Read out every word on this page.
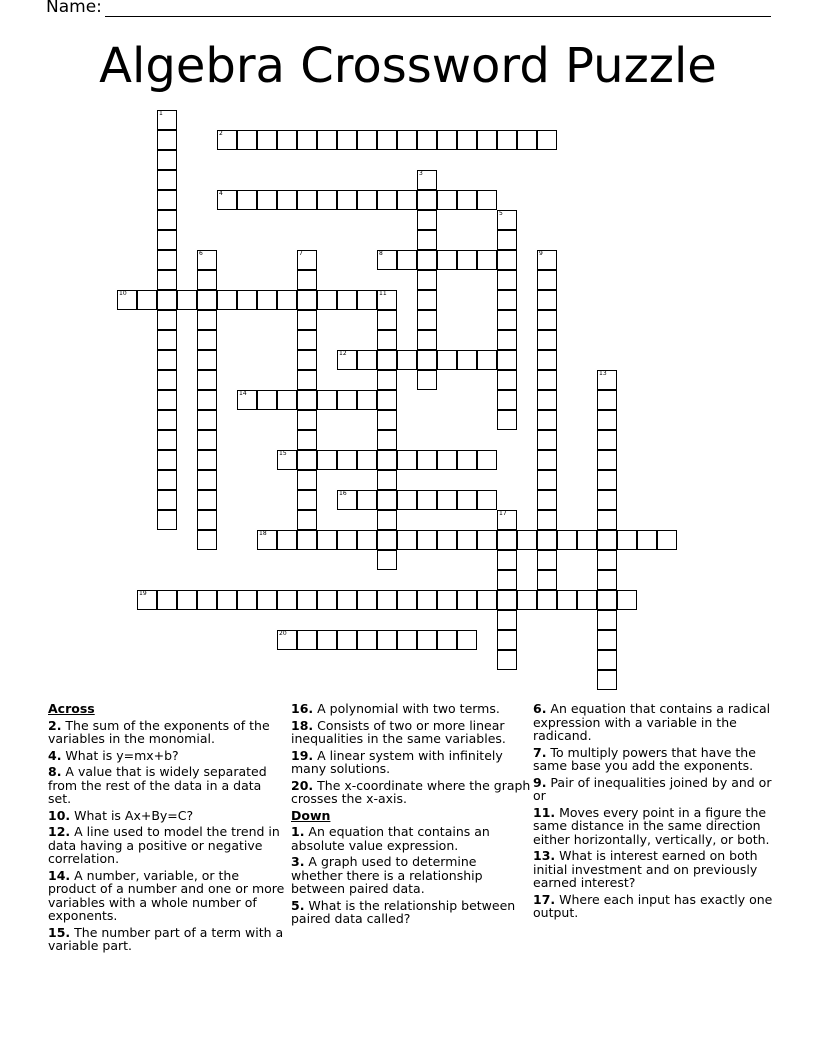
Name:
Algebra Crossword Puzzle
1
2
3
4
5
6	7	8	9
10	11
12
13
14
15
16
17
18
19
20
Across
2. The sum of the exponents of the variables in the monomial.
4. What is y=mx+b?
8. A value that is widely separated from the rest of the data in a data set.
10. What is Ax+By=C?
12. A line used to model the trend in data having a positive or negative correlation.
14. A number, variable, or the product of a number and one or more variables with a whole number of exponents.
15. The number part of a term with a variable part.
16. A polynomial with two terms.
18. Consists of two or more linear inequalities in the same variables.
19. A linear system with infinitely many solutions.
20. The x-coordinate where the graph crosses the x-axis.
Down
1. An equation that contains an absolute value expression.
3. A graph used to determine whether there is a relationship between paired data.
5. What is the relationship between paired data called?
6. An equation that contains a radical expression with a variable in the radicand.
7. To multiply powers that have the same base you add the exponents.
9. Pair of inequalities joined by and or or
11. Moves every point in a figure the same distance in the same direction either horizontally, vertically, or both.
13. What is interest earned on both initial investment and on previously earned interest?
17. Where each input has exactly one output.
